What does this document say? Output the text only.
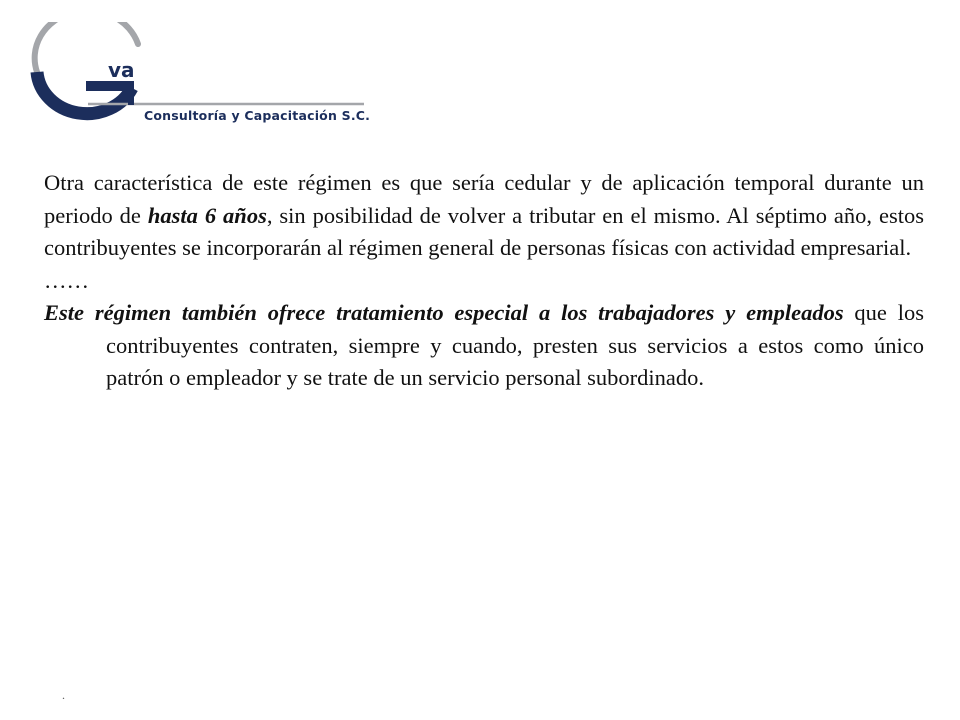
va
Consultoría y Capacitación S.C.

Otra característica de este régimen es que sería cedular y de aplicación temporal durante un periodo de hasta 6 años, sin posibilidad de volver a tributar en el mismo. Al séptimo año, estos contribuyentes se incorporarán al régimen general de personas físicas con actividad empresarial.

……

Este régimen también ofrece tratamiento especial a los trabajadores y empleados que los contribuyentes contraten, siempre y cuando, presten sus servicios a estos como único patrón o empleador y se trate de un servicio personal subordinado.

.
